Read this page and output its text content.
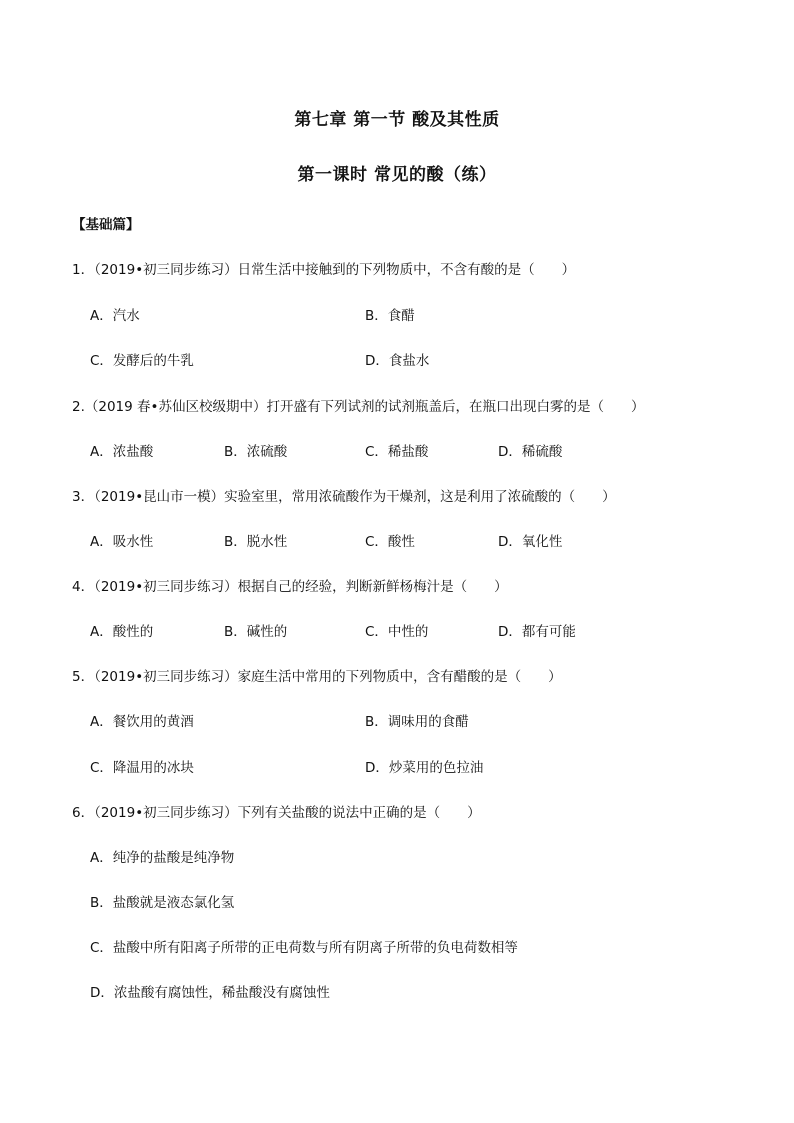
第七章 第一节 酸及其性质
第一课时 常见的酸（练）
【基础篇】
1．（2019•初三同步练习）日常生活中接触到的下列物质中，不含有酸的是（　　）
A．汽水	B．食醋
C．发酵后的牛乳	D．食盐水
2.（2019 春•苏仙区校级期中）打开盛有下列试剂的试剂瓶盖后，在瓶口出现白雾的是（　　）
A．浓盐酸	B．浓硫酸	C．稀盐酸	D．稀硫酸
3．（2019•昆山市一模）实验室里，常用浓硫酸作为干燥剂，这是利用了浓硫酸的（　　）
A．吸水性	B．脱水性	C．酸性	D．氧化性
4．（2019•初三同步练习）根据自己的经验，判断新鲜杨梅汁是（　　）
A．酸性的	B．碱性的	C．中性的	D．都有可能
5．（2019•初三同步练习）家庭生活中常用的下列物质中，含有醋酸的是（　　）
A．餐饮用的黄酒	B．调味用的食醋
C．降温用的冰块	D．炒菜用的色拉油
6．（2019•初三同步练习）下列有关盐酸的说法中正确的是（　　）
A．纯净的盐酸是纯净物
B．盐酸就是液态氯化氢
C．盐酸中所有阳离子所带的正电荷数与所有阴离子所带的负电荷数相等
D．浓盐酸有腐蚀性，稀盐酸没有腐蚀性
